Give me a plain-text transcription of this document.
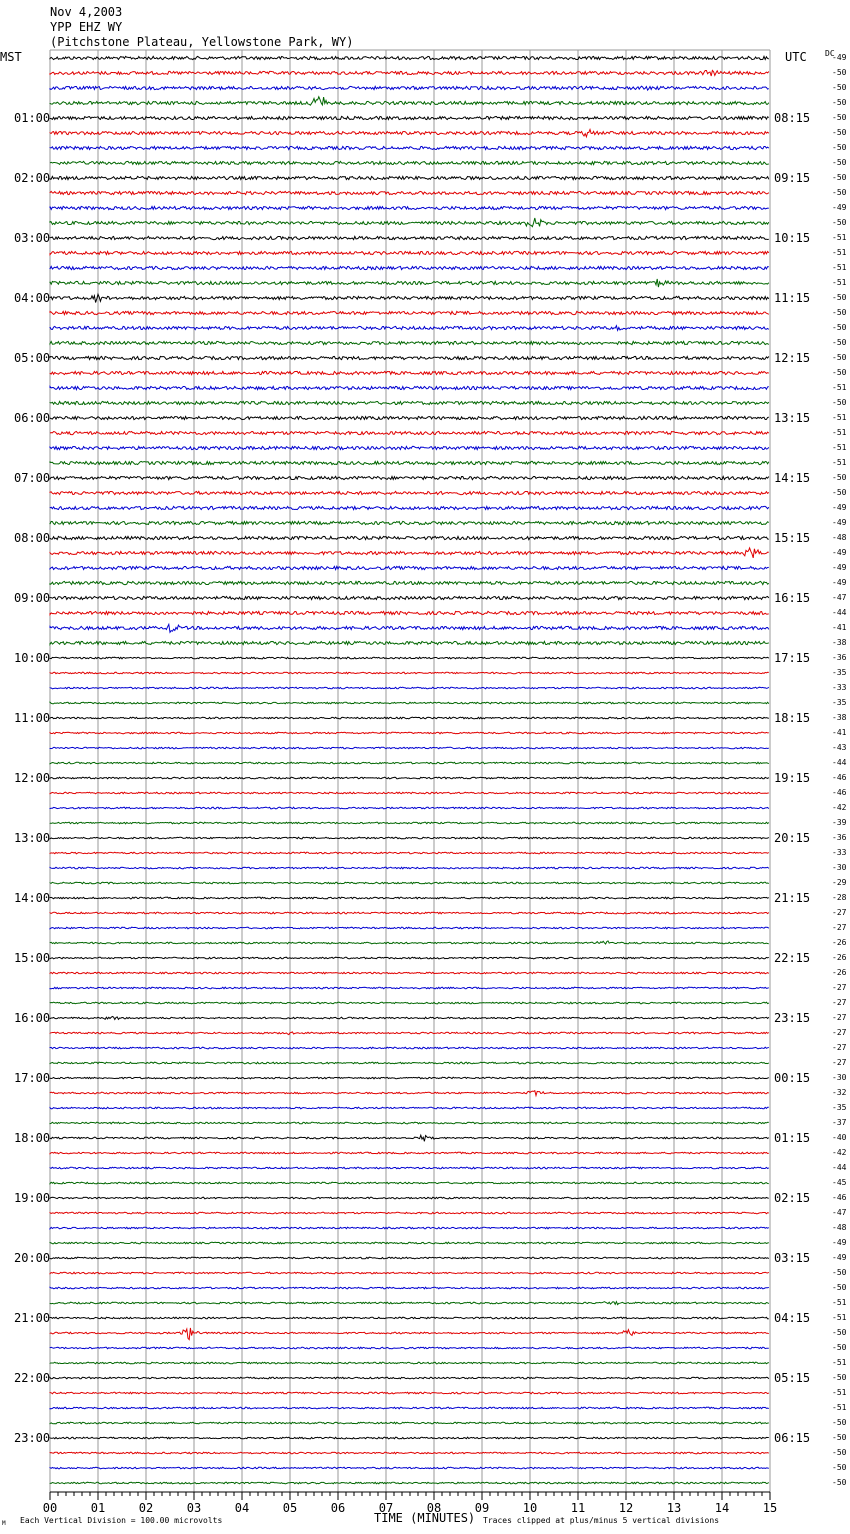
Nov 4,2003
YPP EHZ WY
(Pitchstone Plateau, Yellowstone Park, WY)
MST	UTC DC
01:00
02:00
03:00
04:00
05:00
06:00
07:00
08:00
09:00
10:00
11:00
12:00
13:00
14:00
15:00
16:00
17:00
18:00
19:00
20:00
21:00
22:00
23:00
08:15
09:15
10:15
11:15
12:15
13:15
14:15
15:15
16:15
17:15
18:15
19:15
20:15
21:15
22:15
23:15
00:15
01:15
02:15
03:15
04:15
05:15
06:15
-49
-50
-50
-50
-50
-50
-50
-50
-50
-50
-49
-50
-51
-51
-51
-51
-50
-50
-50
-50
-50
-50
-51
-50
-51
-51
-51
-51
-50
-50
-49
-49
-48
-49
-49
-49
-47
-44
-41
-38
-36
-35
-33
-35
-38
-41
-43
-44
-46
-46
-42
-39
-36
-33
-30
-29
-28
-27
-27
-26
-26
-26
-27
-27
-27
-27
-27
-27
-30
-32
-35
-37
-40
-42
-44
-45
-46
-47
-48
-49
-49
-50
-50
-51
-51
-50
-50
-51
-50
-51
-51
-50
-50
-50
-50
-50
00	01	02	03	04	05	06	07	08	09	10	11	12	13	14	15
M Each Vertical Division = 100.00 microvolts	TIME (MINUTES) Traces clipped at plus/minus 5 vertical divisions
